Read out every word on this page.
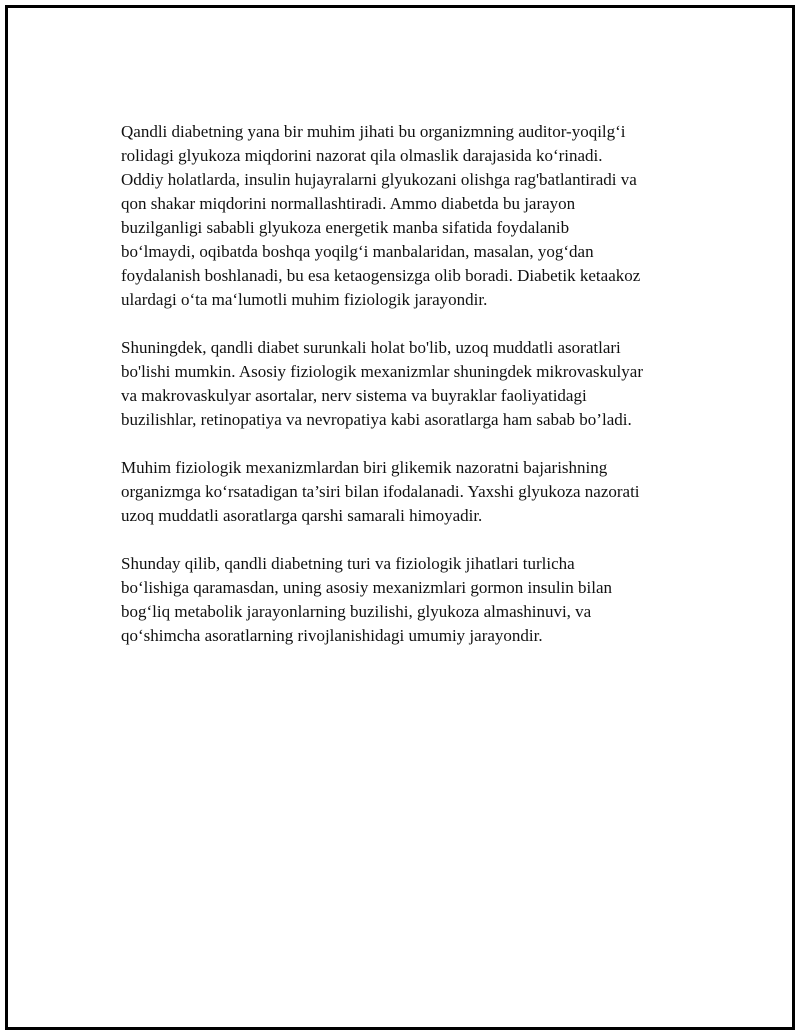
Qandli diabetning yana bir muhim jihati bu organizmning auditor-yoqilg‘i
rolidagi glyukoza miqdorini nazorat qila olmaslik darajasida ko‘rinadi.
Oddiy holatlarda, insulin hujayralarni glyukozani olishga rag'batlantiradi va
qon shakar miqdorini normallashtiradi. Ammo diabetda bu jarayon
buzilganligi sababli glyukoza energetik manba sifatida foydalanib
bo‘lmaydi, oqibatda boshqa yoqilg‘i manbalaridan, masalan, yog‘dan
foydalanish boshlanadi, bu esa ketaogensizga olib boradi. Diabetik ketaakoz
ulardagi o‘ta ma‘lumotli muhim fiziologik jarayondir.

Shuningdek, qandli diabet surunkali holat bo'lib, uzoq muddatli asoratlari
bo'lishi mumkin. Asosiy fiziologik mexanizmlar shuningdek mikrovaskulyar
va makrovaskulyar asortalar, nerv sistema va buyraklar faoliyatidagi
buzilishlar, retinopatiya va nevropatiya kabi asoratlarga ham sabab bo’ladi.

Muhim fiziologik mexanizmlardan biri glikemik nazoratni bajarishning
organizmga ko‘rsatadigan ta’siri bilan ifodalanadi. Yaxshi glyukoza nazorati
uzoq muddatli asoratlarga qarshi samarali himoyadir.

Shunday qilib, qandli diabetning turi va fiziologik jihatlari turlicha
bo‘lishiga qaramasdan, uning asosiy mexanizmlari gormon insulin bilan
bog‘liq metabolik jarayonlarning buzilishi, glyukoza almashinuvi, va
qo‘shimcha asoratlarning rivojlanishidagi umumiy jarayondir.
